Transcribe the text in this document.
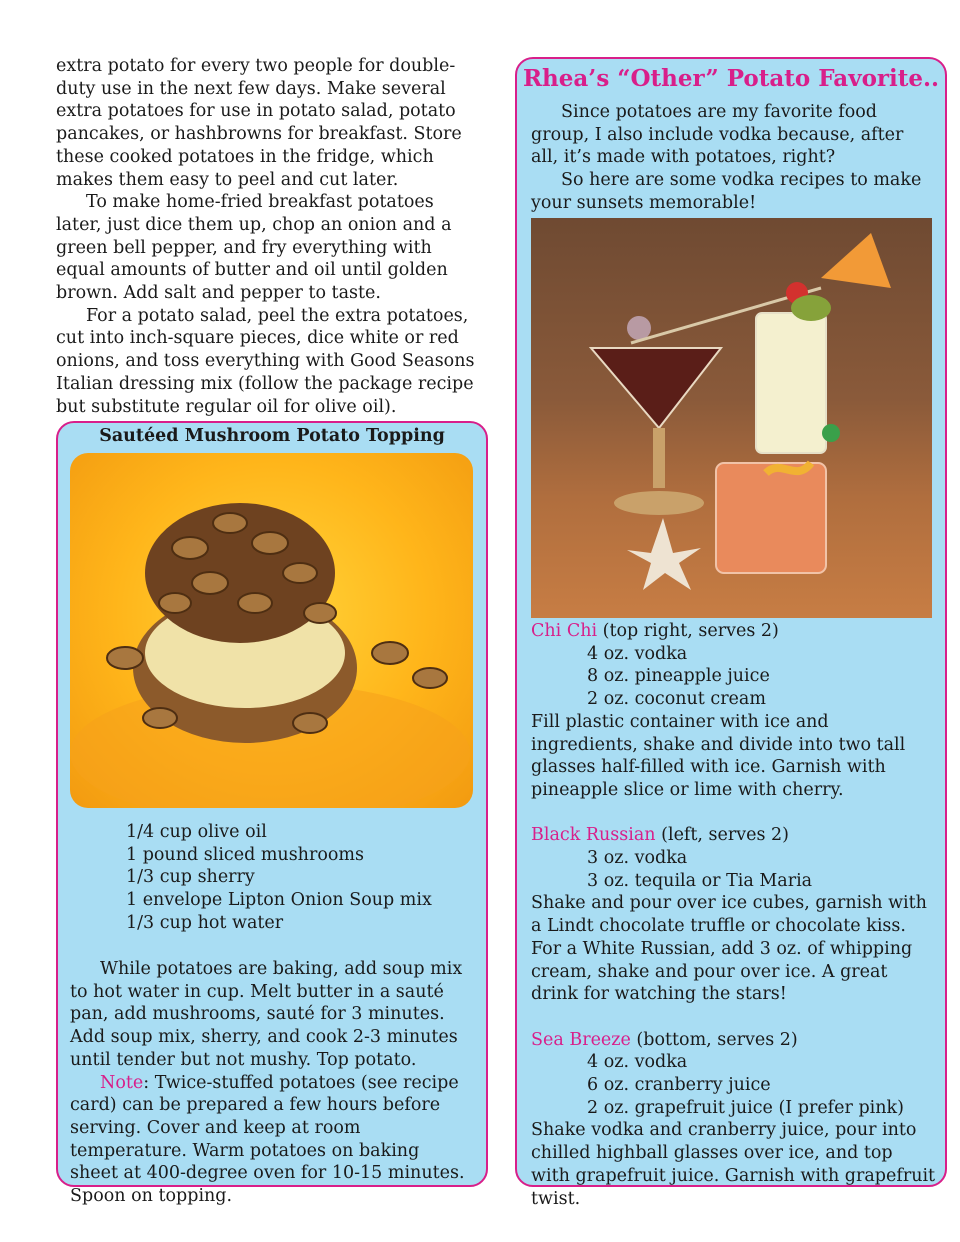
extra potato for every two people for double-duty use in the next few days. Make several extra potatoes for use in potato salad, potato pancakes, or hashbrowns for breakfast. Store these cooked potatoes in the fridge, which makes them easy to peel and cut later.

To make home-fried breakfast potatoes later, just dice them up, chop an onion and a green bell pepper, and fry everything with equal amounts of butter and oil until golden brown. Add salt and pepper to taste.

For a potato salad, peel the extra potatoes, cut into inch-square pieces, dice white or red onions, and toss everything with Good Seasons Italian dressing mix (follow the package recipe but substitute regular oil for olive oil).

Sautéed Mushroom Potato Topping
1/4 cup olive oil
1 pound sliced mushrooms
1/3 cup sherry
1 envelope Lipton Onion Soup mix
1/3 cup hot water

While potatoes are baking, add soup mix to hot water in cup. Melt butter in a sauté pan, add mushrooms, sauté for 3 minutes. Add soup mix, sherry, and cook 2-3 minutes until tender but not mushy. Top potato.

Note: Twice-stuffed potatoes (see recipe card) can be prepared a few hours before serving. Cover and keep at room temperature. Warm potatoes on baking sheet at 400-degree oven for 10-15 minutes. Spoon on topping.

Rhea’s “Other” Potato Favorite..

Since potatoes are my favorite food group, I also include vodka because, after all, it’s made with potatoes, right?

So here are some vodka recipes to make your sunsets memorable!

Chi Chi (top right, serves 2)

4 oz. vodka

8 oz. pineapple juice

2 oz. coconut cream

Fill plastic container with ice and ingredients, shake and divide into two tall glasses half-filled with ice. Garnish with pineapple slice or lime with cherry.

Black Russian (left, serves 2)

3 oz. vodka

3 oz. tequila or Tia Maria

Shake and pour over ice cubes, garnish with a Lindt chocolate truffle or chocolate kiss. For a White Russian, add 3 oz. of whipping cream, shake and pour over ice. A great drink for watching the stars!

Sea Breeze (bottom, serves 2)

4 oz. vodka

6 oz. cranberry juice

2 oz. grapefruit juice (I prefer pink)

Shake vodka and cranberry juice, pour into chilled highball glasses over ice, and top with grapefruit juice. Garnish with grapefruit twist.
